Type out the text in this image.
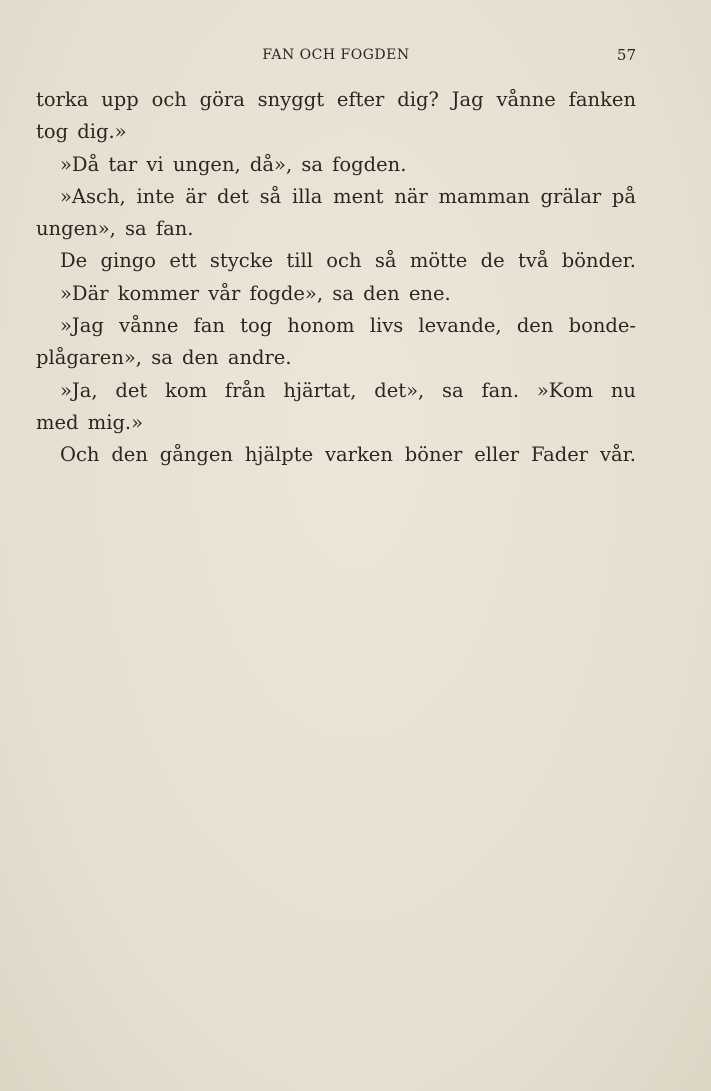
FAN OCH FOGDEN	57
torka upp och göra snyggt efter dig? Jag vånne fanken
tog dig.»
»Då tar vi ungen, då», sa fogden.
»Asch, inte är det så illa ment när mamman grälar på
ungen», sa fan.
De gingo ett stycke till och så mötte de två bönder.
»Där kommer vår fogde», sa den ene.
»Jag vånne fan tog honom livs levande, den bonde-
plågaren», sa den andre.
»Ja, det kom från hjärtat, det», sa fan. »Kom nu
med mig.»
Och den gången hjälpte varken böner eller Fader vår.
